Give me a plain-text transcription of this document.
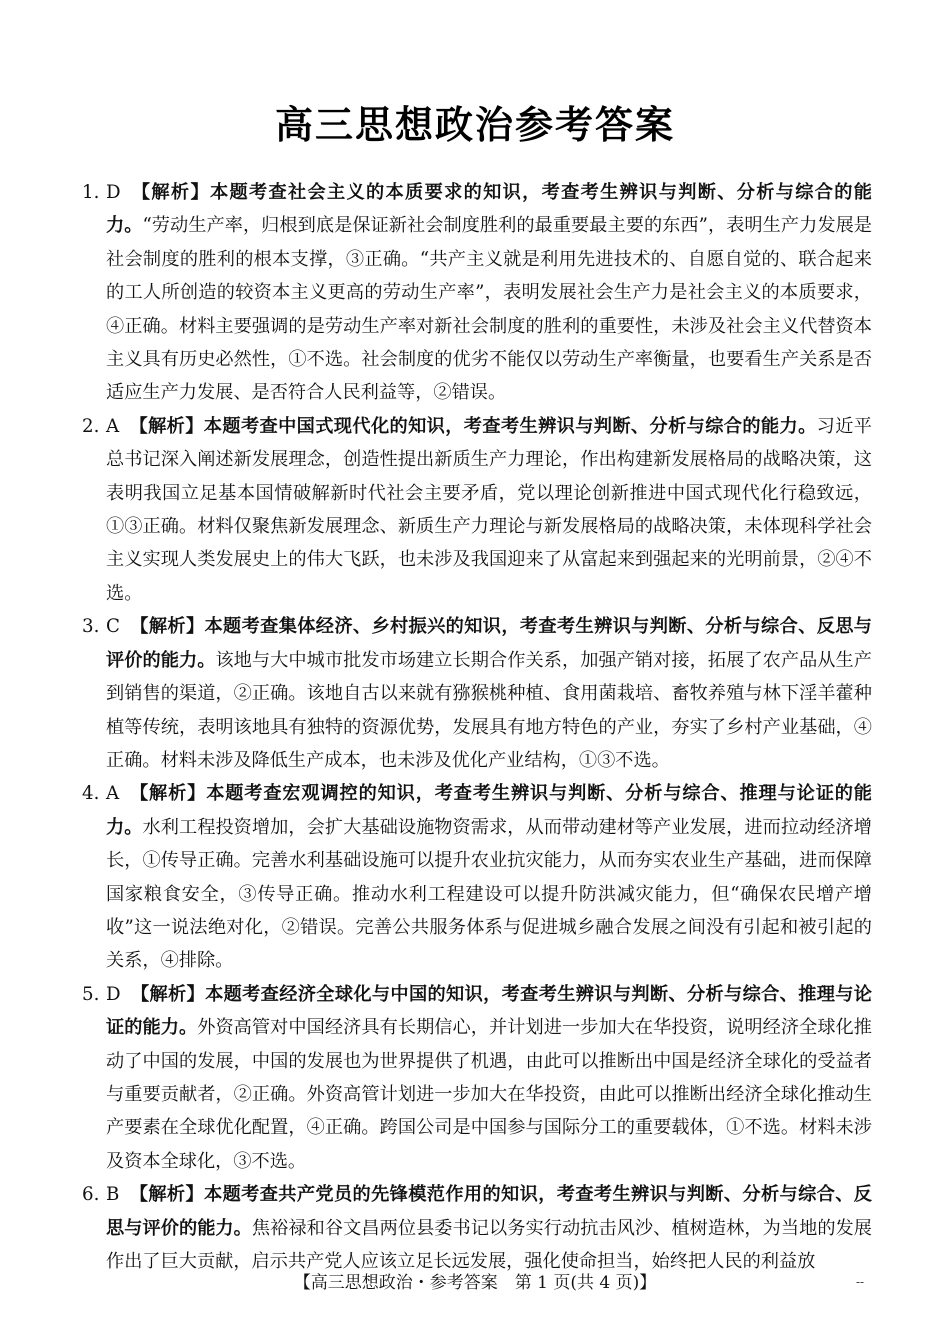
高三思想政治参考答案
1. D 【解析】本题考查社会主义的本质要求的知识，考查考生辨识与判断、分析与综合的能力。“劳动生产率，归根到底是保证新社会制度胜利的最重要最主要的东西”，表明生产力发展是社会制度的胜利的根本支撑，③正确。“共产主义就是利用先进技术的、自愿自觉的、联合起来的工人所创造的较资本主义更高的劳动生产率”，表明发展社会生产力是社会主义的本质要求，④正确。材料主要强调的是劳动生产率对新社会制度的胜利的重要性，未涉及社会主义代替资本主义具有历史必然性，①不选。社会制度的优劣不能仅以劳动生产率衡量，也要看生产关系是否适应生产力发展、是否符合人民利益等，②错误。
2. A 【解析】本题考查中国式现代化的知识，考查考生辨识与判断、分析与综合的能力。习近平总书记深入阐述新发展理念，创造性提出新质生产力理论，作出构建新发展格局的战略决策，这表明我国立足基本国情破解新时代社会主要矛盾，党以理论创新推进中国式现代化行稳致远，①③正确。材料仅聚焦新发展理念、新质生产力理论与新发展格局的战略决策，未体现科学社会主义实现人类发展史上的伟大飞跃，也未涉及我国迎来了从富起来到强起来的光明前景，②④不选。
3. C 【解析】本题考查集体经济、乡村振兴的知识，考查考生辨识与判断、分析与综合、反思与评价的能力。该地与大中城市批发市场建立长期合作关系，加强产销对接，拓展了农产品从生产到销售的渠道，②正确。该地自古以来就有猕猴桃种植、食用菌栽培、畜牧养殖与林下淫羊藿种植等传统，表明该地具有独特的资源优势，发展具有地方特色的产业，夯实了乡村产业基础，④正确。材料未涉及降低生产成本，也未涉及优化产业结构，①③不选。
4. A 【解析】本题考查宏观调控的知识，考查考生辨识与判断、分析与综合、推理与论证的能力。水利工程投资增加，会扩大基础设施物资需求，从而带动建材等产业发展，进而拉动经济增长，①传导正确。完善水利基础设施可以提升农业抗灾能力，从而夯实农业生产基础，进而保障国家粮食安全，③传导正确。推动水利工程建设可以提升防洪减灾能力，但“确保农民增产增收”这一说法绝对化，②错误。完善公共服务体系与促进城乡融合发展之间没有引起和被引起的关系，④排除。
5. D 【解析】本题考查经济全球化与中国的知识，考查考生辨识与判断、分析与综合、推理与论证的能力。外资高管对中国经济具有长期信心，并计划进一步加大在华投资，说明经济全球化推动了中国的发展，中国的发展也为世界提供了机遇，由此可以推断出中国是经济全球化的受益者与重要贡献者，②正确。外资高管计划进一步加大在华投资，由此可以推断出经济全球化推动生产要素在全球优化配置，④正确。跨国公司是中国参与国际分工的重要载体，①不选。材料未涉及资本全球化，③不选。
6. B 【解析】本题考查共产党员的先锋模范作用的知识，考查考生辨识与判断、分析与综合、反思与评价的能力。焦裕禄和谷文昌两位县委书记以务实行动抗击风沙、植树造林，为当地的发展作出了巨大贡献，启示共产党人应该立足长远发展，强化使命担当，始终把人民的利益放
【高三思想政治・参考答案　第 1 页(共 4 页)】	--
